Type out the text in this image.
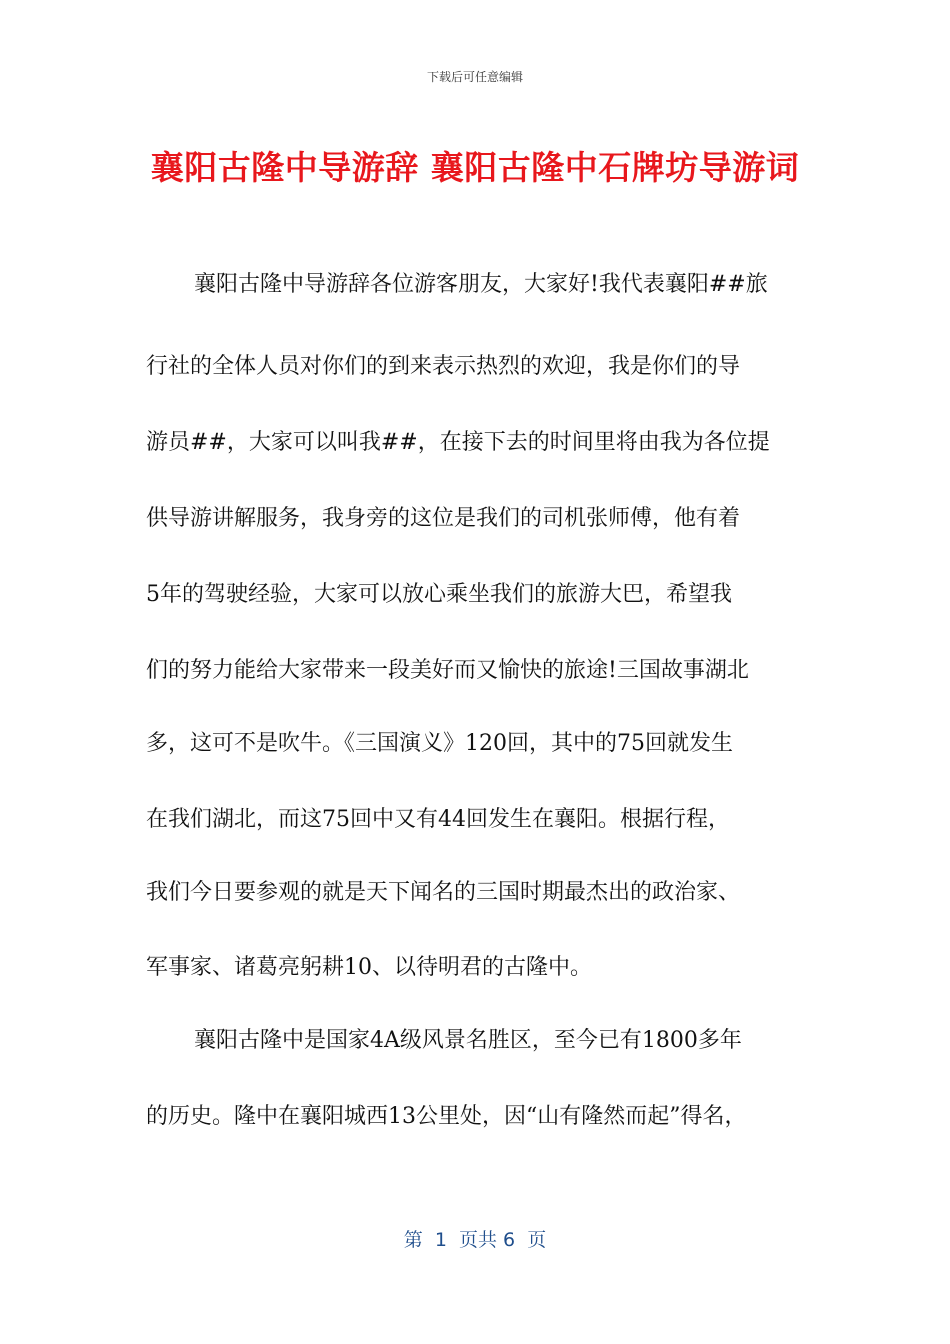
下载后可任意编辑
襄阳古隆中导游辞 襄阳古隆中石牌坊导游词
襄阳古隆中导游辞各位游客朋友，大家好!我代表襄阳##旅
行社的全体人员对你们的到来表示热烈的欢迎，我是你们的导
游员##，大家可以叫我##，在接下去的时间里将由我为各位提
供导游讲解服务，我身旁的这位是我们的司机张师傅，他有着
5年的驾驶经验，大家可以放心乘坐我们的旅游大巴，希望我
们的努力能给大家带来一段美好而又愉快的旅途!三国故事湖北
多，这可不是吹牛。《三国演义》120回，其中的75回就发生
在我们湖北，而这75回中又有44回发生在襄阳。根据行程，
我们今日要参观的就是天下闻名的三国时期最杰出的政治家、
军事家、诸葛亮躬耕10、以待明君的古隆中。
襄阳古隆中是国家4A级风景名胜区，至今已有1800多年
的历史。隆中在襄阳城西13公里处，因“山有隆然而起”得名，
第  1  页共 6  页
